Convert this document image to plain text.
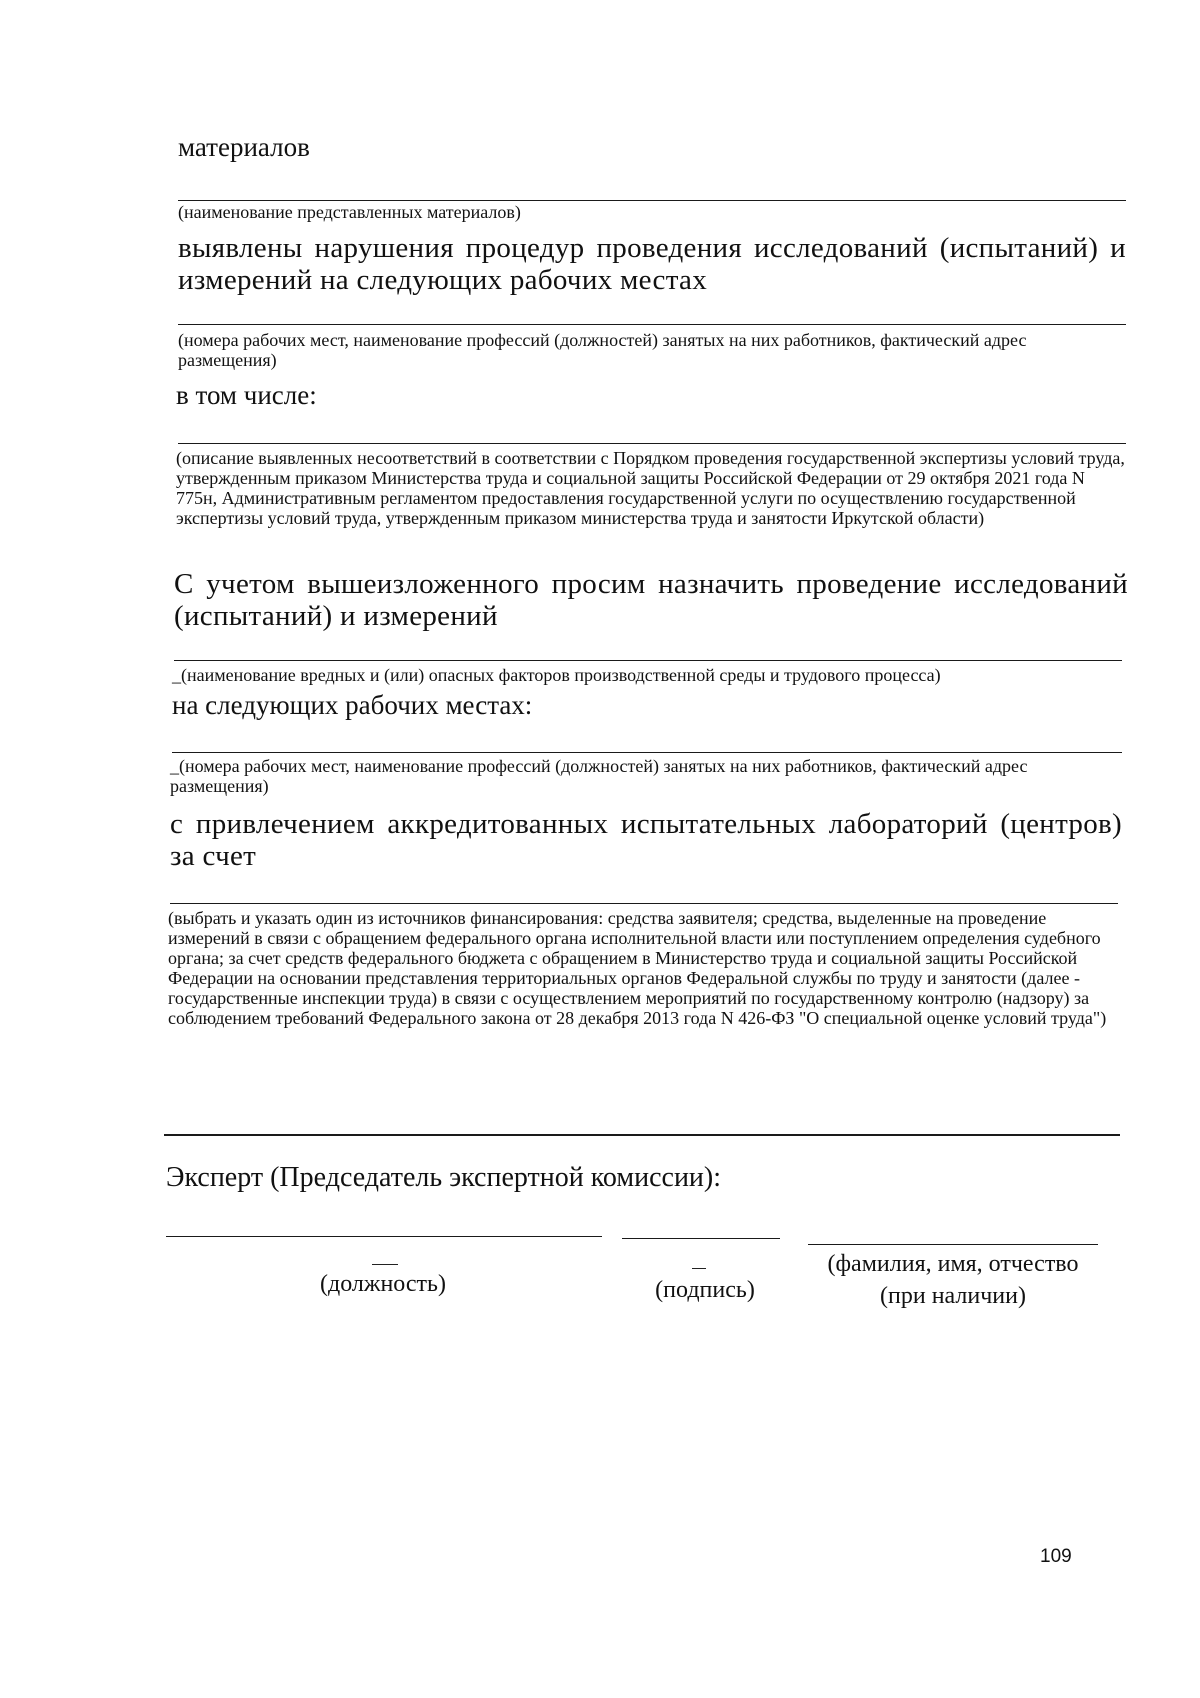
материалов
(наименование представленных материалов)
выявлены нарушения процедур проведения исследований (испытаний) и измерений на следующих рабочих местах
(номера рабочих мест, наименование профессий (должностей) занятых на них работников, фактический адрес размещения)
в том числе:
(описание выявленных несоответствий в соответствии с Порядком проведения государственной экспертизы условий труда, утвержденным приказом Министерства труда и социальной защиты Российской Федерации от 29 октября 2021 года N 775н, Административным регламентом предоставления государственной услуги по осуществлению государственной экспертизы условий труда, утвержденным приказом министерства труда и занятости Иркутской области)
С учетом вышеизложенного просим назначить проведение исследований (испытаний) и измерений
_(наименование вредных и (или) опасных факторов производственной среды и трудового процесса)
на следующих рабочих местах:
_(номера рабочих мест, наименование профессий (должностей) занятых на них работников, фактический адрес размещения)
с привлечением аккредитованных испытательных лабораторий (центров) за счет
(выбрать и указать один из источников финансирования: средства заявителя; средства, выделенные на проведение измерений в связи с обращением федерального органа исполнительной власти или поступлением определения судебного органа; за счет средств федерального бюджета с обращением в Министерство труда и социальной защиты Российской Федерации на основании представления территориальных органов Федеральной службы по труду и занятости (далее - государственные инспекции труда) в связи с осуществлением мероприятий по государственному контролю (надзору) за соблюдением требований Федерального закона от 28 декабря 2013 года N 426-ФЗ "О специальной оценке условий труда")
Эксперт (Председатель экспертной комиссии):
(должность)	(подпись)
(фамилия, имя, отчество
(при наличии)
109
